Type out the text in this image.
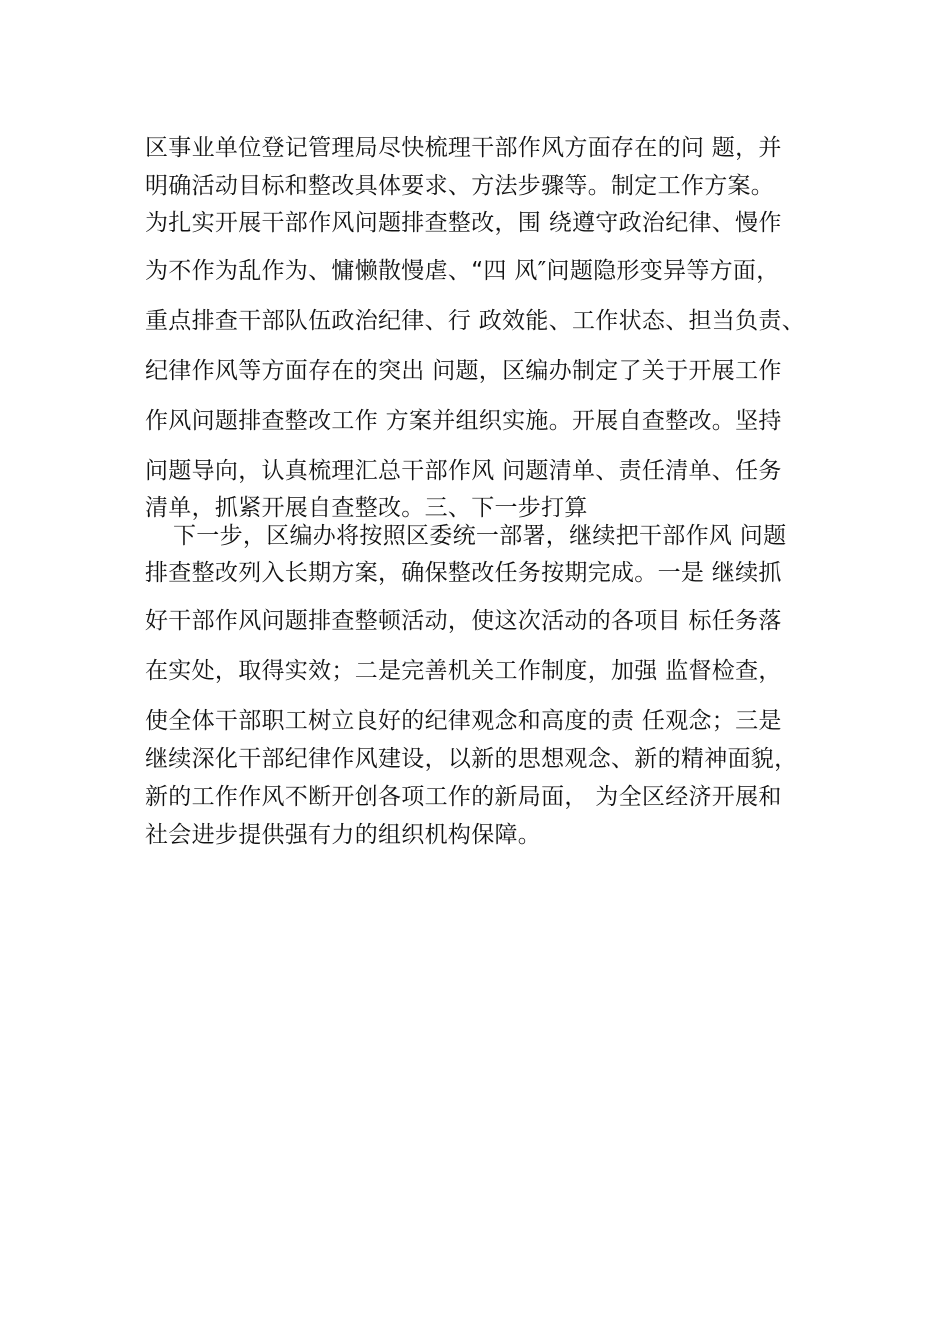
区事业单位登记管理局尽快梳理干部作风方面存在的问 题，并
明确活动目标和整改具体要求、方法步骤等。制定工作方案。
为扎实开展干部作风问题排查整改，围 绕遵守政治纪律、慢作
为不作为乱作为、慵懒散慢虐、“四 风″问题隐形变异等方面，
重点排查干部队伍政治纪律、行 政效能、工作状态、担当负责、
纪律作风等方面存在的突出 问题，区编办制定了关于开展工作
作风问题排查整改工作 方案并组织实施。开展自查整改。坚持
问题导向，认真梳理汇总干部作风 问题清单、责任清单、任务
清单，抓紧开展自查整改。三、下一步打算
下一步，区编办将按照区委统一部署，继续把干部作风 问题
排查整改列入长期方案，确保整改任务按期完成。一是 继续抓
好干部作风问题排查整顿活动，使这次活动的各项目 标任务落
在实处，取得实效；二是完善机关工作制度，加强 监督检查，
使全体干部职工树立良好的纪律观念和高度的责 任观念；三是
继续深化干部纪律作风建设，以新的思想观念、新的精神面貌，
新的工作作风不断开创各项工作的新局面， 为全区经济开展和
社会进步提供强有力的组织机构保障。
